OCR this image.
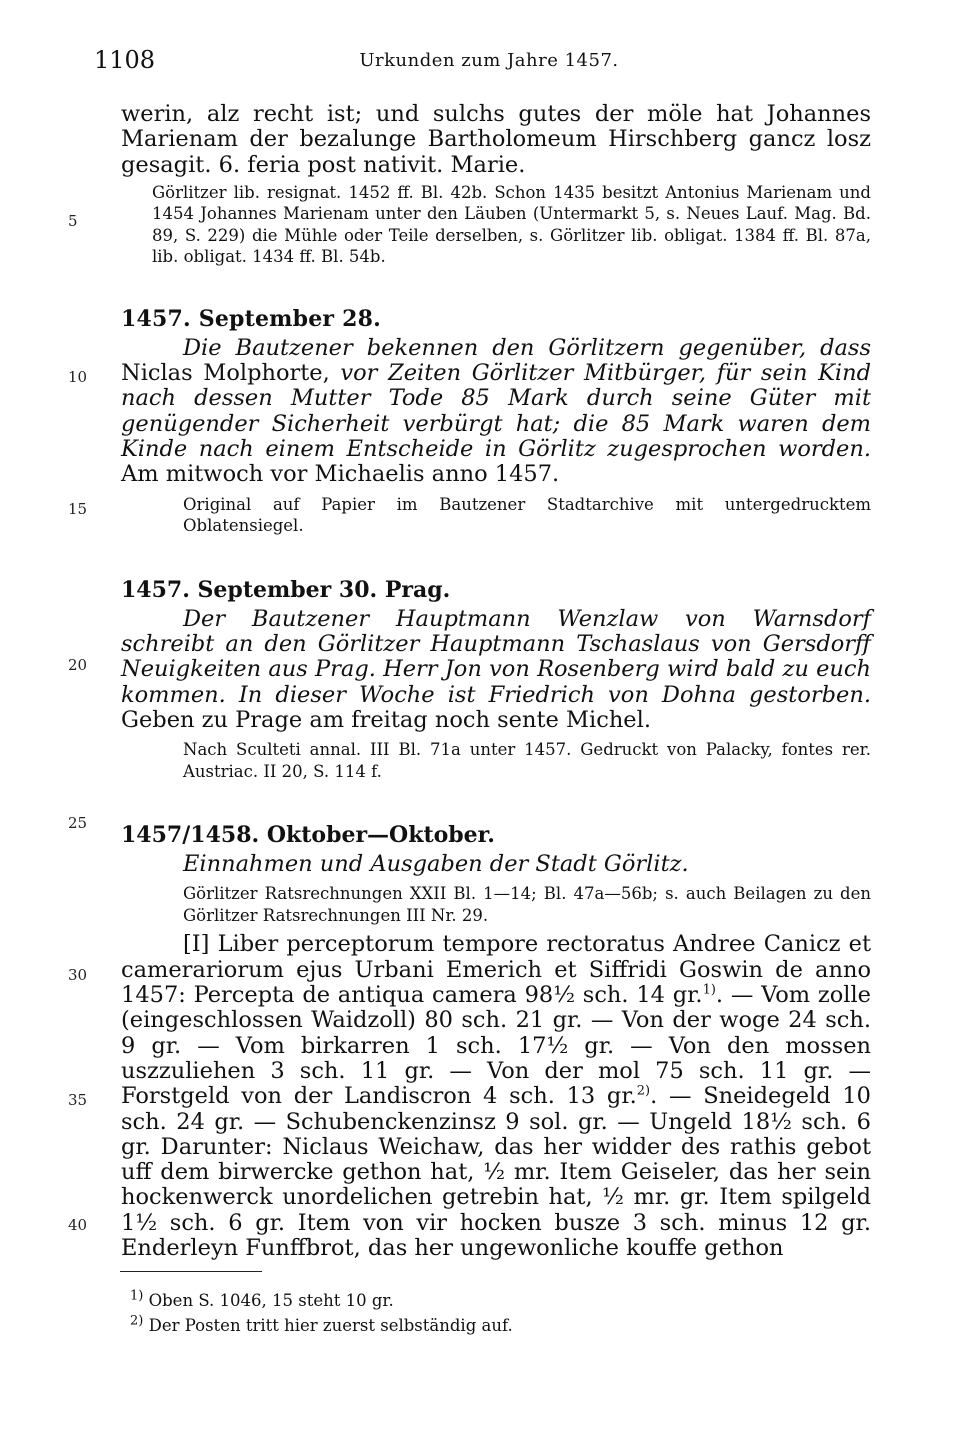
1108	Urkunden zum Jahre 1457.
5
10
15
20
25
30
35
40

werin, alz recht ist; und sulchs gutes der möle hat Johannes Marienam der bezalunge Bartholomeum Hirschberg gancz losz gesagit. 6. feria post nativit. Marie.

Görlitzer lib. resignat. 1452 ff. Bl. 42b. Schon 1435 besitzt Antonius Marienam und 1454 Johannes Marienam unter den Läuben (Untermarkt 5, s. Neues Lauf. Mag. Bd. 89, S. 229) die Mühle oder Teile derselben, s. Görlitzer lib. obligat. 1384 ff. Bl. 87a, lib. obligat. 1434 ff. Bl. 54b.

1457. September 28.

Die Bautzener bekennen den Görlitzern gegenüber, dass Niclas Molphorte, vor Zeiten Görlitzer Mitbürger, für sein Kind nach dessen Mutter Tode 85 Mark durch seine Güter mit genügender Sicherheit verbürgt hat; die 85 Mark waren dem Kinde nach einem Entscheide in Görlitz zugesprochen worden. Am mitwoch vor Michaelis anno 1457.

Original auf Papier im Bautzener Stadtarchive mit untergedrucktem Oblatensiegel.

1457. September 30. Prag.

Der Bautzener Hauptmann Wenzlaw von Warnsdorf schreibt an den Görlitzer Hauptmann Tschaslaus von Gersdorff Neuigkeiten aus Prag. Herr Jon von Rosenberg wird bald zu euch kommen. In dieser Woche ist Friedrich von Dohna gestorben. Geben zu Prage am freitag noch sente Michel.

Nach Sculteti annal. III Bl. 71a unter 1457. Gedruckt von Palacky, fontes rer. Austriac. II 20, S. 114 f.

1457/1458. Oktober—Oktober.

Einnahmen und Ausgaben der Stadt Görlitz.

Görlitzer Ratsrechnungen XXII Bl. 1—14; Bl. 47a—56b; s. auch Beilagen zu den Görlitzer Ratsrechnungen III Nr. 29.

[I] Liber perceptorum tempore rectoratus Andree Canicz et camerariorum ejus Urbani Emerich et Siffridi Goswin de anno 1457: Percepta de antiqua camera 98½ sch. 14 gr.$^{1)}$. — Vom zolle (eingeschlossen Waidzoll) 80 sch. 21 gr. — Von der woge 24 sch. 9 gr. — Vom birkarren 1 sch. 17½ gr. — Von den mossen uszzuliehen 3 sch. 11 gr. — Von der mol 75 sch. 11 gr. — Forstgeld von der Landiscron 4 sch. 13 gr.$^{2)}$. — Sneidegeld 10 sch. 24 gr. — Schubenckenzinsz 9 sol. gr. — Ungeld 18½ sch. 6 gr. Darunter: Niclaus Weichaw, das her widder des rathis gebot uff dem birwercke gethon hat, ½ mr. Item Geiseler, das her sein hockenwerck unordelichen getrebin hat, ½ mr. gr. Item spilgeld 1½ sch. 6 gr. Item von vir hocken busze 3 sch. minus 12 gr. Enderleyn Funffbrot, das her ungewonliche kouffe gethon

$^{1)}$ Oben S. 1046, 15 steht 10 gr.

$^{2)}$ Der Posten tritt hier zuerst selbständig auf.
